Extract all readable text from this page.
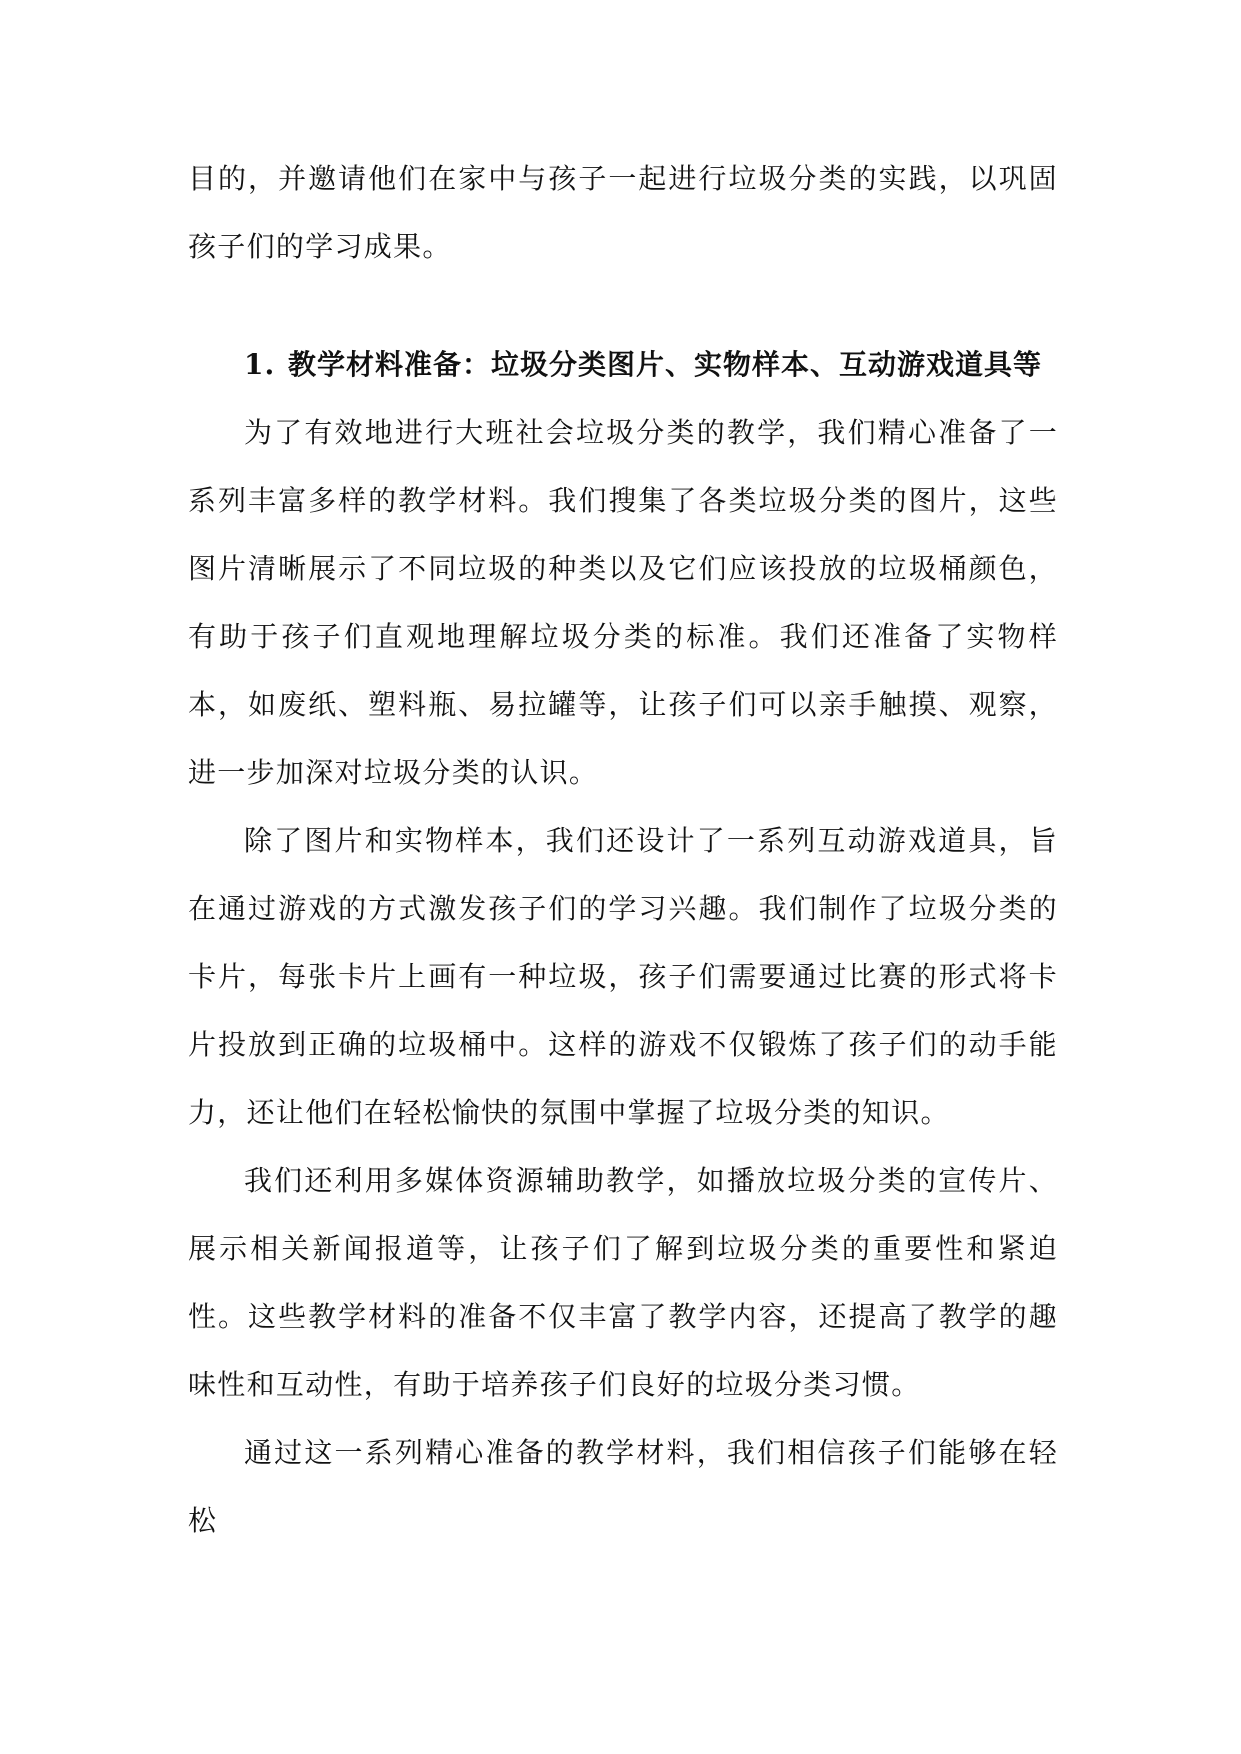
目的，并邀请他们在家中与孩子一起进行垃圾分类的实践，以巩固孩子们的学习成果。

1. 教学材料准备：垃圾分类图片、实物样本、互动游戏道具等

为了有效地进行大班社会垃圾分类的教学，我们精心准备了一系列丰富多样的教学材料。我们搜集了各类垃圾分类的图片，这些图片清晰展示了不同垃圾的种类以及它们应该投放的垃圾桶颜色，有助于孩子们直观地理解垃圾分类的标准。我们还准备了实物样本，如废纸、塑料瓶、易拉罐等，让孩子们可以亲手触摸、观察，进一步加深对垃圾分类的认识。

除了图片和实物样本，我们还设计了一系列互动游戏道具，旨在通过游戏的方式激发孩子们的学习兴趣。我们制作了垃圾分类的卡片，每张卡片上画有一种垃圾，孩子们需要通过比赛的形式将卡片投放到正确的垃圾桶中。这样的游戏不仅锻炼了孩子们的动手能力，还让他们在轻松愉快的氛围中掌握了垃圾分类的知识。

我们还利用多媒体资源辅助教学，如播放垃圾分类的宣传片、展示相关新闻报道等，让孩子们了解到垃圾分类的重要性和紧迫性。这些教学材料的准备不仅丰富了教学内容，还提高了教学的趣味性和互动性，有助于培养孩子们良好的垃圾分类习惯。

通过这一系列精心准备的教学材料，我们相信孩子们能够在轻松
